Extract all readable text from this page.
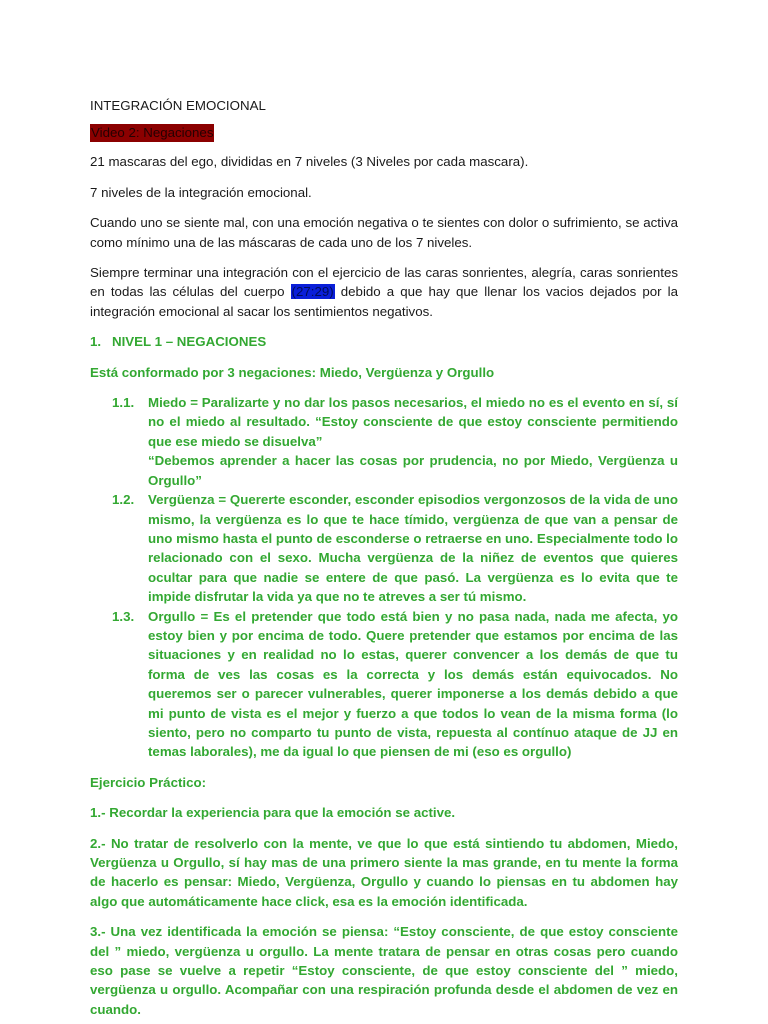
INTEGRACIÓN EMOCIONAL

Video 2: Negaciones

21 mascaras del ego, divididas en 7 niveles (3 Niveles por cada mascara).

7 niveles de la integración emocional.

Cuando uno se siente mal, con una emoción negativa o te sientes con dolor o sufrimiento, se activa como mínimo una de las máscaras de cada uno de los 7 niveles.

Siempre terminar una integración con el ejercicio de las caras sonrientes, alegría, caras sonrientes en todas las células del cuerpo (27:29) debido a que hay que llenar los vacios dejados por la integración emocional al sacar los sentimientos negativos.

1. NIVEL 1 – NEGACIONES

Está conformado por 3 negaciones: Miedo, Vergüenza y Orgullo

1.1.	Miedo = Paralizarte y no dar los pasos necesarios, el miedo no es el evento en sí, sí no el miedo al resultado. “Estoy consciente de que estoy consciente permitiendo que ese miedo se disuelva”

“Debemos aprender a hacer las cosas por prudencia, no por Miedo, Vergüenza u Orgullo”

1.2.	Vergüenza = Quererte esconder, esconder episodios vergonzosos de la vida de uno mismo, la vergüenza es lo que te hace tímido, vergüenza de que van a pensar de uno mismo hasta el punto de esconderse o retraerse en uno. Especialmente todo lo relacionado con el sexo. Mucha vergüenza de la niñez de eventos que quieres ocultar para que nadie se entere de que pasó. La vergüenza es lo evita que te impide disfrutar la vida ya que no te atreves a ser tú mismo.

1.3.	Orgullo = Es el pretender que todo está bien y no pasa nada, nada me afecta, yo estoy bien y por encima de todo. Quere pretender que estamos por encima de las situaciones y en realidad no lo estas, querer convencer a los demás de que tu forma de ves las cosas es la correcta y los demás están equivocados. No queremos ser o parecer vulnerables, querer imponerse a los demás debido a que mi punto de vista es el mejor y fuerzo a que todos lo vean de la misma forma (lo siento, pero no comparto tu punto de vista, repuesta al contínuo ataque de JJ en temas laborales), me da igual lo que piensen de mi (eso es orgullo)

Ejercicio Práctico:

1.- Recordar la experiencia para que la emoción se active.

2.- No tratar de resolverlo con la mente, ve que lo que está sintiendo tu abdomen, Miedo, Vergüenza u Orgullo, sí hay mas de una primero siente la mas grande, en tu mente la forma de hacerlo es pensar: Miedo, Vergüenza, Orgullo y cuando lo piensas en tu abdomen hay algo que automáticamente hace click, esa es la emoción identificada.

3.- Una vez identificada la emoción se piensa: “Estoy consciente, de que estoy consciente del ” miedo, vergüenza u orgullo. La mente tratara de pensar en otras cosas pero cuando eso pase se vuelve a repetir “Estoy consciente, de que estoy consciente del ” miedo, vergüenza u orgullo. Acompañar con una respiración profunda desde el abdomen de vez en cuando.
